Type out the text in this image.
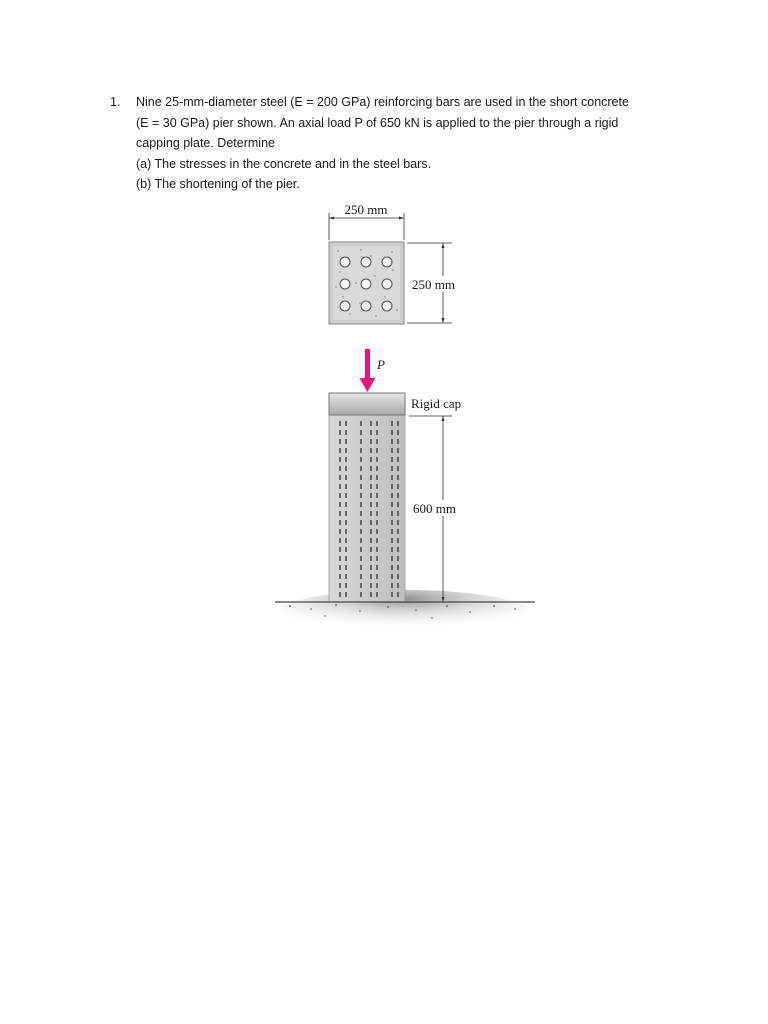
1. Nine 25-mm-diameter steel (E = 200 GPa) reinforcing bars are used in the short concrete
(E = 30 GPa) pier shown. An axial load P of 650 kN is applied to the pier through a rigid
capping plate. Determine
(a) The stresses in the concrete and in the steel bars.
(b) The shortening of the pier.
250 mm
250 mm
P
Rigid cap
600 mm
